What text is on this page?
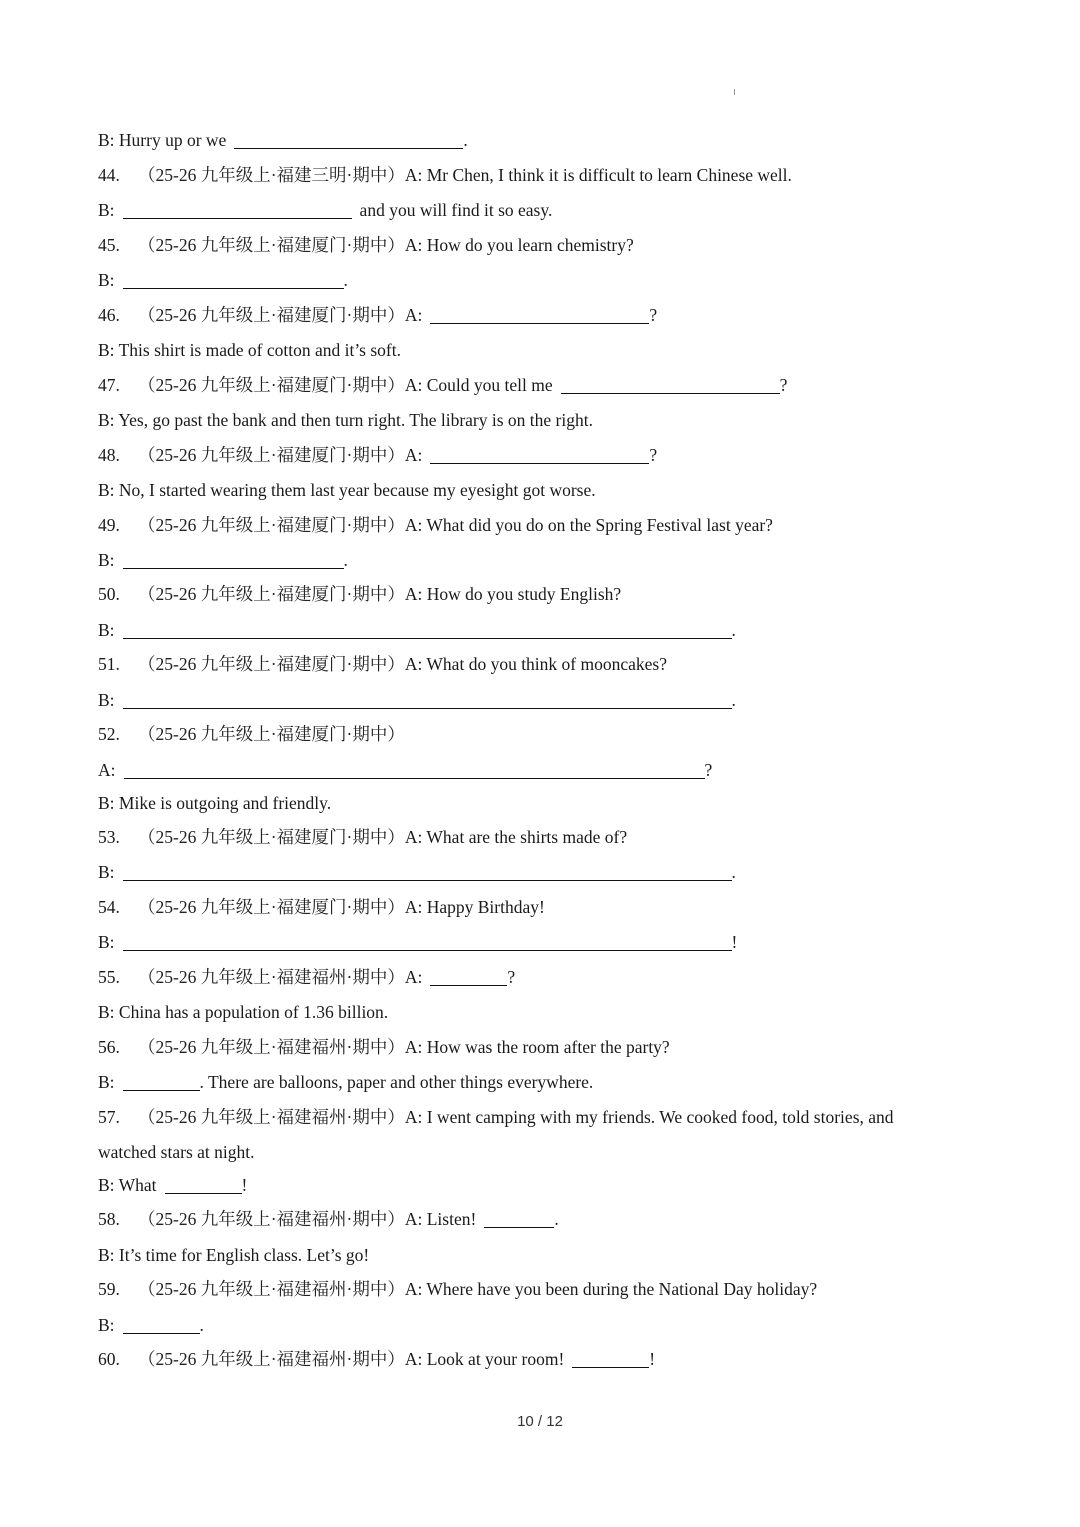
B: Hurry up or we	.
44. （25-26 九年级上·福建三明·期中）A: Mr Chen, I think it is difficult to learn Chinese well.
B:	and you will find it so easy.
45. （25-26 九年级上·福建厦门·期中）A: How do you learn chemistry?
B:	.
46. （25-26 九年级上·福建厦门·期中）A:	?
B: This shirt is made of cotton and it’s soft.
47. （25-26 九年级上·福建厦门·期中）A: Could you tell me	?
B: Yes, go past the bank and then turn right. The library is on the right.
48. （25-26 九年级上·福建厦门·期中）A:	?
B: No, I started wearing them last year because my eyesight got worse.
49. （25-26 九年级上·福建厦门·期中）A: What did you do on the Spring Festival last year?
B:	.
50. （25-26 九年级上·福建厦门·期中）A: How do you study English?
B:	.
51. （25-26 九年级上·福建厦门·期中）A: What do you think of mooncakes?
B:	.
52. （25-26 九年级上·福建厦门·期中）
A:	?
B: Mike is outgoing and friendly.
53. （25-26 九年级上·福建厦门·期中）A: What are the shirts made of?
B:	.
54. （25-26 九年级上·福建厦门·期中）A: Happy Birthday!
B:	!
55. （25-26 九年级上·福建福州·期中）A:	?
B: China has a population of 1.36 billion.
56. （25-26 九年级上·福建福州·期中）A: How was the room after the party?
B:	. There are balloons, paper and other things everywhere.
57. （25-26 九年级上·福建福州·期中）A: I went camping with my friends. We cooked food, told stories, and
watched stars at night.
B: What	!
58. （25-26 九年级上·福建福州·期中）A: Listen!	.
B: It’s time for English class. Let’s go!
59. （25-26 九年级上·福建福州·期中）A: Where have you been during the National Day holiday?
B:	.
60. （25-26 九年级上·福建福州·期中）A: Look at your room!	!
10 / 12
